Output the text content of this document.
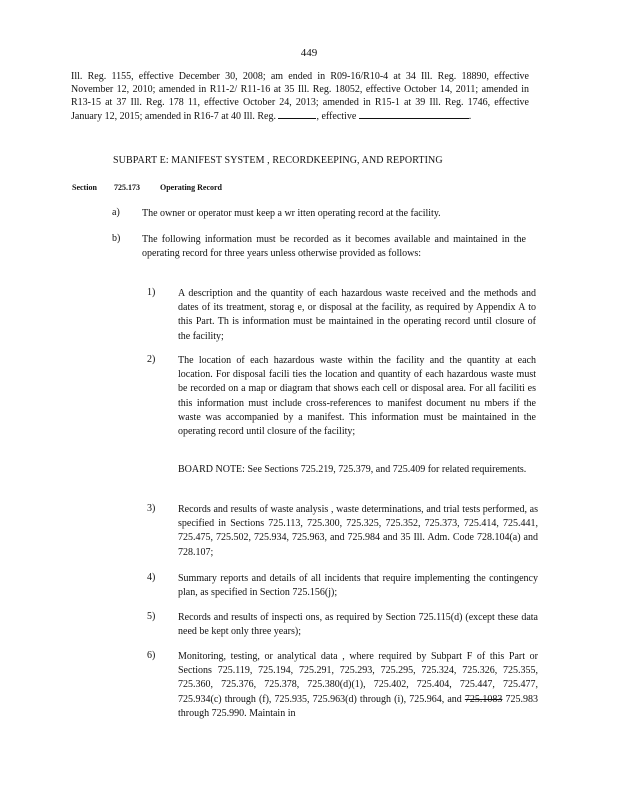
449

Ill. Reg. 1155, effective December 30, 2008; am ended in R09-16/R10-4 at 34 Ill. Reg. 18890, effective November 12, 2010; amended in R11-2/ R11-16 at 35 Ill. Reg. 18052, effective October 14, 2011; amended in R13-15 at 37 Ill. Reg. 178 11, effective October 24, 2013; amended in R15-1 at 39 Ill. Reg. 1746, effective January 12, 2015; amended in R16-7 at 40 Ill. Reg.	, effective	.

SUBPART E: MANIFEST SYSTEM , RECORDKEEPING, AND REPORTING
Section 725.173	Operating Record
a) The owner or operator must keep a wr itten operating record at the facility.

b) The following information must be recorded as it becomes available and maintained in the operating record for three years unless otherwise provided as follows:

1) A description and the quantity of each hazardous waste received and the methods and dates of its treatment, storag e, or disposal at the facility, as required by Appendix A to this Part. Th is information must be maintained in the operating record until closure of the facility;

2) The location of each hazardous waste within the facility and the quantity at each location. For disposal facili ties the location and quantity of each hazardous waste must be recorded on a map or diagram that shows each cell or disposal area. For all faciliti es this information must include cross-references to manifest document nu mbers if the waste was accompanied by a manifest. This information must be maintained in the operating record until closure of the facility;

BOARD NOTE: See Sections 725.219, 725.379, and 725.409 for related requirements.

3) Records and results of waste analysis , waste determinations, and trial tests performed, as specified in Sections 725.113, 725.300, 725.325, 725.352, 725.373, 725.414, 725.441, 725.475, 725.502, 725.934, 725.963, and 725.984 and 35 Ill. Adm. Code 728.104(a) and 728.107;

4) Summary reports and details of all incidents that require implementing the contingency plan, as specified in Section 725.156(j);

5) Records and results of inspecti ons, as required by Section 725.115(d) (except these data need be kept only three years);

6) Monitoring, testing, or analytical data , where required by Subpart F of this Part or Sections 725.119, 725.194, 725.291, 725.293, 725.295, 725.324, 725.326, 725.355, 725.360, 725.376, 725.378, 725.380(d)(1), 725.402, 725.404, 725.447, 725.477, 725.934(c) through (f), 725.935, 725.963(d) through (i), 725.964, and 725.1083 725.983 through 725.990. Maintain in
